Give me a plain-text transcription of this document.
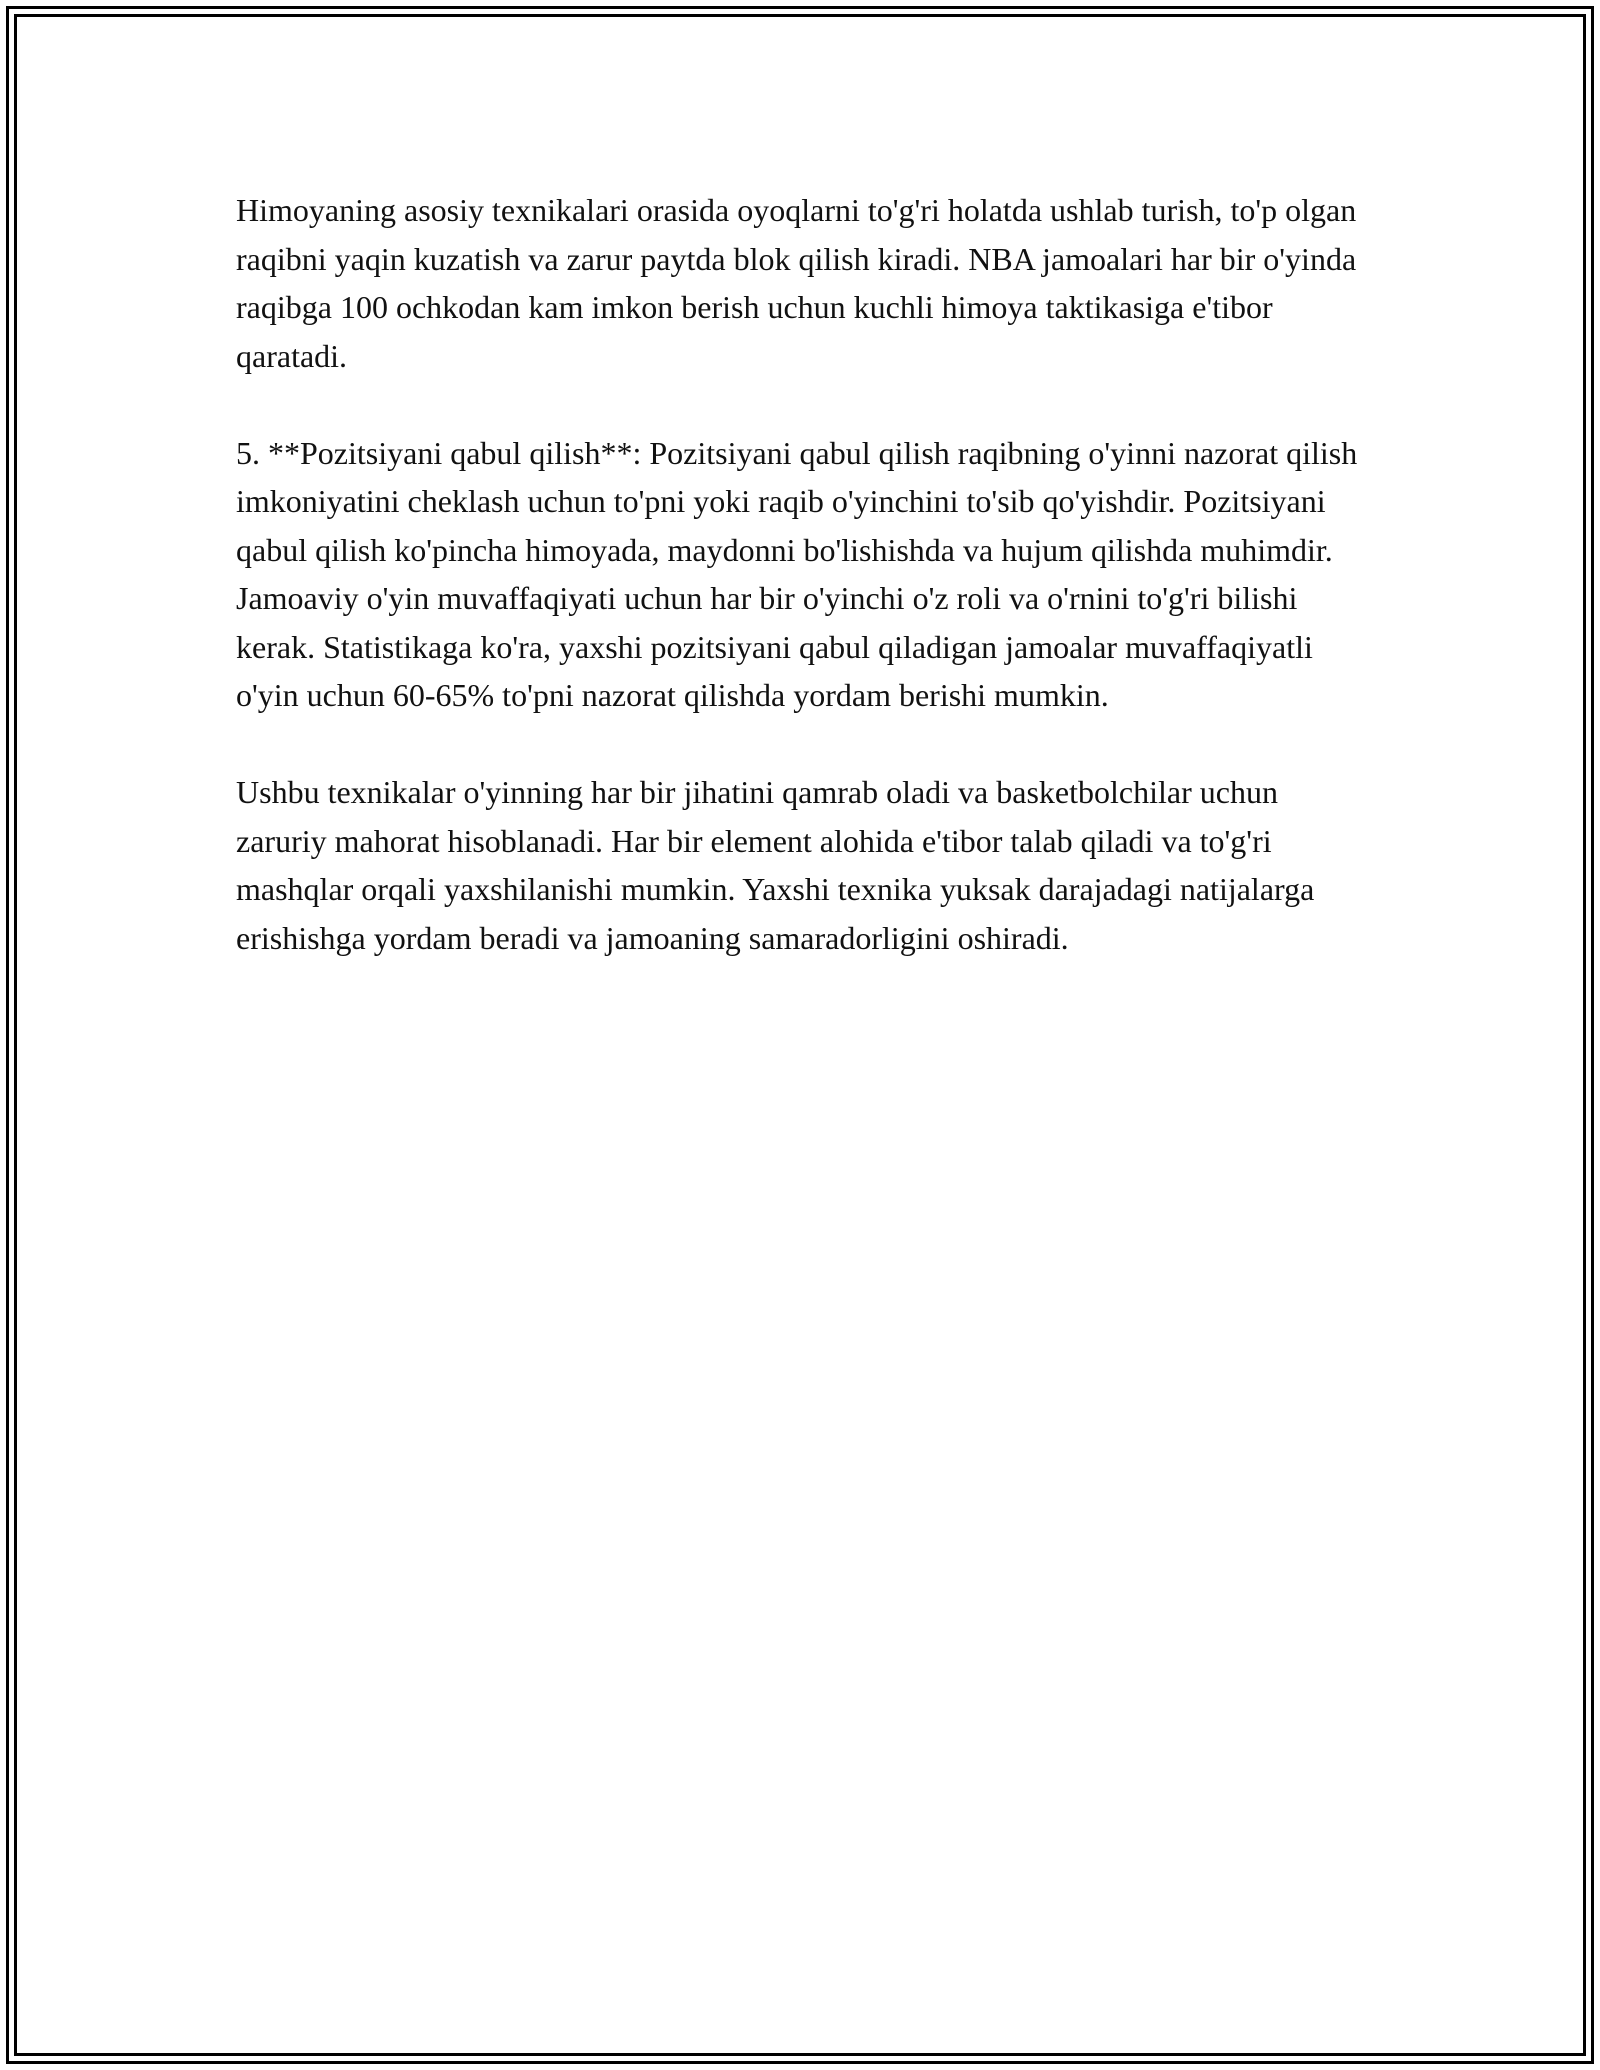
Himoyaning asosiy texnikalari orasida oyoqlarni to'g'ri holatda ushlab turish, to'p olgan raqibni yaqin kuzatish va zarur paytda blok qilish kiradi. NBA jamoalari har bir o'yinda raqibga 100 ochkodan kam imkon berish uchun kuchli himoya taktikasiga e'tibor qaratadi.

5. **Pozitsiyani qabul qilish**: Pozitsiyani qabul qilish raqibning o'yinni nazorat qilish imkoniyatini cheklash uchun to'pni yoki raqib o'yinchini to'sib qo'yishdir. Pozitsiyani qabul qilish ko'pincha himoyada, maydonni bo'lishishda va hujum qilishda muhimdir. Jamoaviy o'yin muvaffaqiyati uchun har bir o'yinchi o'z roli va o'rnini to'g'ri bilishi kerak. Statistikaga ko'ra, yaxshi pozitsiyani qabul qiladigan jamoalar muvaffaqiyatli o'yin uchun 60-65% to'pni nazorat qilishda yordam berishi mumkin.

Ushbu texnikalar o'yinning har bir jihatini qamrab oladi va basketbolchilar uchun zaruriy mahorat hisoblanadi. Har bir element alohida e'tibor talab qiladi va to'g'ri mashqlar orqali yaxshilanishi mumkin. Yaxshi texnika yuksak darajadagi natijalarga erishishga yordam beradi va jamoaning samaradorligini oshiradi.
